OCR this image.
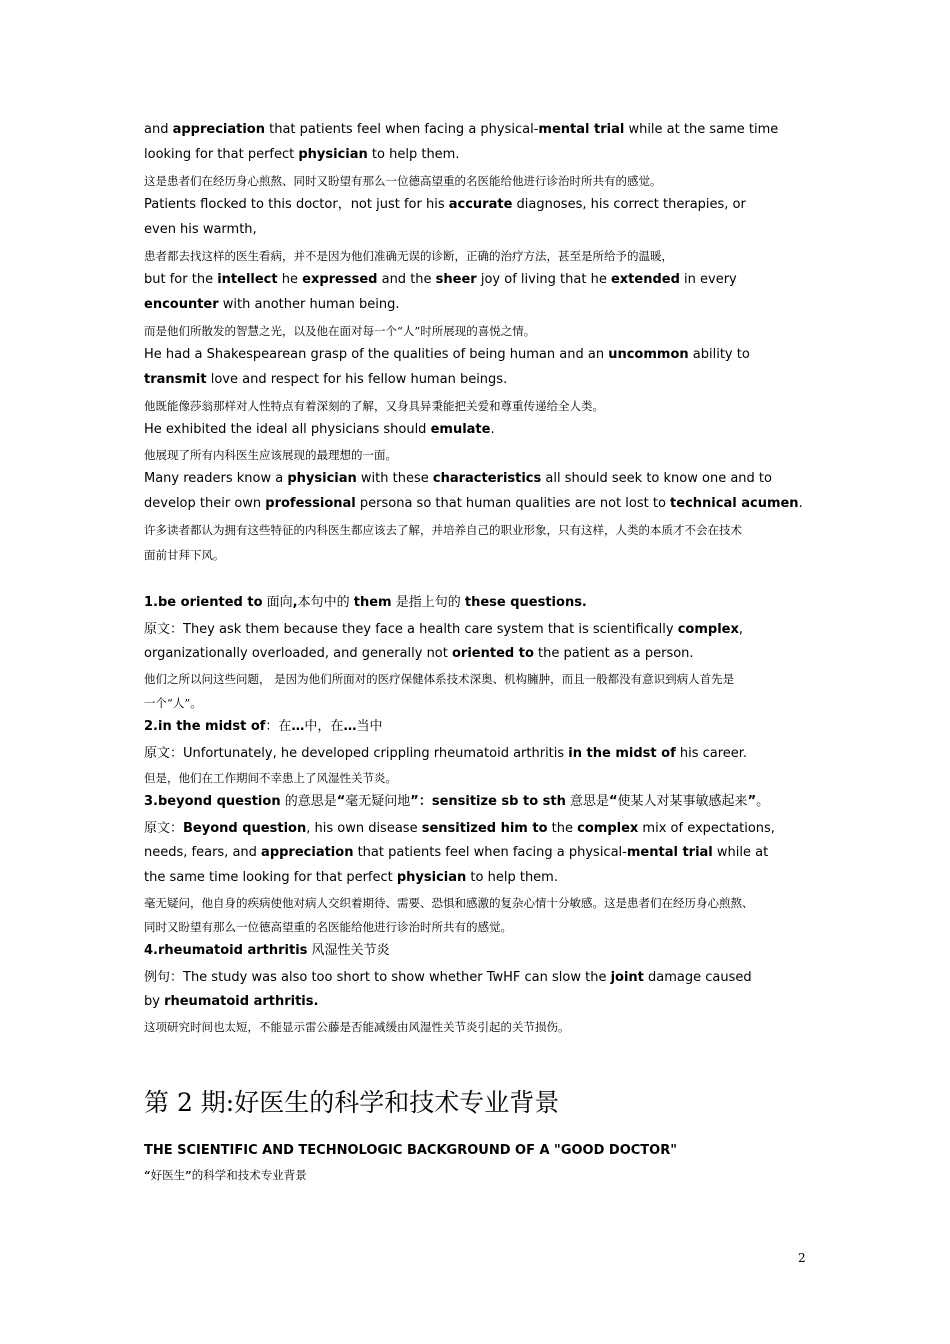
and appreciation that patients feel when facing a physical-mental trial while at the same time
looking for that perfect physician to help them.
这是患者们在经历身心煎熬、同时又盼望有那么一位德高望重的名医能给他进行诊治时所共有的感觉。
Patients flocked to this doctor，not just for his accurate diagnoses, his correct therapies, or
even his warmth,
患者都去找这样的医生看病，并不是因为他们准确无误的诊断，正确的治疗方法，甚至是所给予的温暖，
but for the intellect he expressed and the sheer joy of living that he extended in every
encounter with another human being.
而是他们所散发的智慧之光，以及他在面对每一个“人”时所展现的喜悦之情。
He had a Shakespearean grasp of the qualities of being human and an uncommon ability to
transmit love and respect for his fellow human beings.
他既能像莎翁那样对人性特点有着深刻的了解，又身具异秉能把关爱和尊重传递给全人类。
He exhibited the ideal all physicians should emulate.
他展现了所有内科医生应该展现的最理想的一面。
Many readers know a physician with these characteristics all should seek to know one and to
develop their own professional persona so that human qualities are not lost to technical acumen.
许多读者都认为拥有这些特征的内科医生都应该去了解，并培养自己的职业形象，只有这样，人类的本质才不会在技术
面前甘拜下风。
1.be oriented to 面向,本句中的 them 是指上句的 these questions.
原文：They ask them because they face a health care system that is scientifically complex,
organizationally overloaded, and generally not oriented to the patient as a person.
他们之所以问这些问题， 是因为他们所面对的医疗保健体系技术深奥、机构臃肿，而且一般都没有意识到病人首先是
一个“人”。
2.in the midst of：在…中，在…当中
原文：Unfortunately, he developed crippling rheumatoid arthritis in the midst of his career.
但是，他们在工作期间不幸患上了风湿性关节炎。
3.beyond question 的意思是“毫无疑问地”：sensitize sb to sth 意思是“使某人对某事敏感起来”。
原文：Beyond question, his own disease sensitized him to the complex mix of expectations,
needs, fears, and appreciation that patients feel when facing a physical-mental trial while at
the same time looking for that perfect physician to help them.
毫无疑问，他自身的疾病使他对病人交织着期待、需要、恐惧和感激的复杂心情十分敏感。这是患者们在经历身心煎熬、
同时又盼望有那么一位德高望重的名医能给他进行诊治时所共有的感觉。
4.rheumatoid arthritis 风湿性关节炎
例句：The study was also too short to show whether TwHF can slow the joint damage caused
by rheumatoid arthritis.
这项研究时间也太短，不能显示雷公藤是否能减缓由风湿性关节炎引起的关节损伤。
第 2 期:好医生的科学和技术专业背景
THE SCIENTIFIC AND TECHNOLOGIC BACKGROUND OF A "GOOD DOCTOR"
“好医生”的科学和技术专业背景
2
